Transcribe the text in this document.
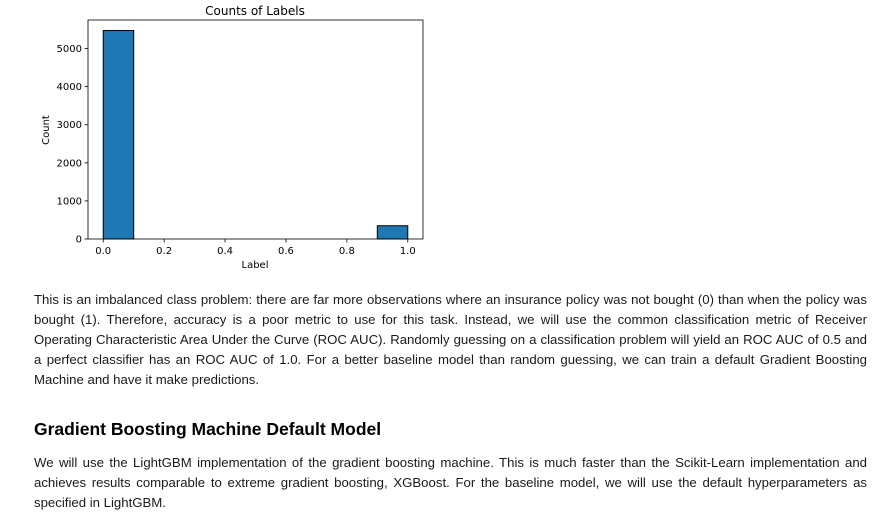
Counts of Labels
0.0	0.2	0.4	0.6	0.8	1.0
0
1000
2000
3000
4000
5000
Label
Count

This is an imbalanced class problem: there are far more observations where an insurance policy was not bought (0) than when the policy was bought (1). Therefore, accuracy is a poor metric to use for this task. Instead, we will use the common classification metric of Receiver Operating Characteristic Area Under the Curve (ROC AUC). Randomly guessing on a classification problem will yield an ROC AUC of 0.5 and a perfect classifier has an ROC AUC of 1.0. For a better baseline model than random guessing, we can train a default Gradient Boosting Machine and have it make predictions.

Gradient Boosting Machine Default Model

We will use the LightGBM implementation of the gradient boosting machine. This is much faster than the Scikit-Learn implementation and achieves results comparable to extreme gradient boosting, XGBoost. For the baseline model, we will use the default hyperparameters as specified in LightGBM.
